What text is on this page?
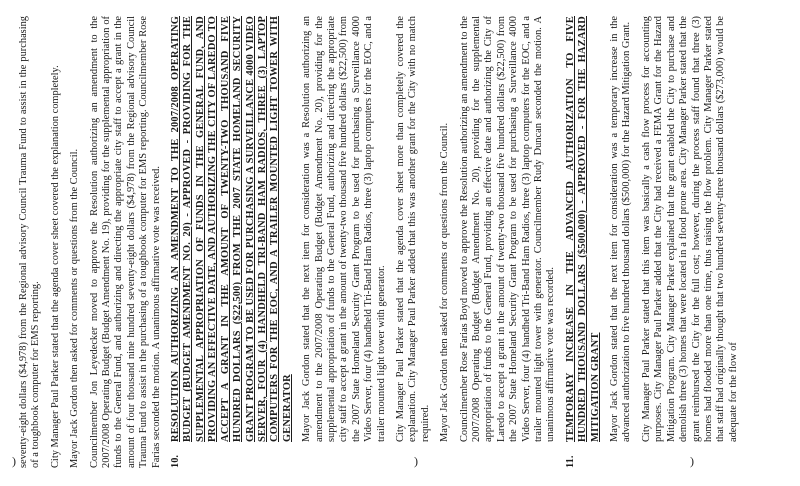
seventy-eight dollars ($4,978) from the Regional advisory Council Trauma Fund to assist in the purchasing of a toughbook computer for EMS reporting. City Manager Paul Parker stated that the agenda cover sheet covered the explanation completely. Mayor Jack Gordon then asked for comments or questions from the Council. Councilmember Jon Leyedecker moved to approve the Resolution authorizing an amendment to the 2007/2008 Operating Budget (Budget Amendment No. 19), providing for the supplemental appropriation of funds to the General Fund, and authorizing and directing the appropriate city staff to accept a grant in the amount of four thousand nine hundred seventy-eight dollars ($4,978) from the Regional advisory Council Trauma Fund to assist in the purchasing of a toughbook computer for EMS reporting. Councilmember Rose Farias seconded the motion. A unanimous affirmative vote was received. 10.

RESOLUTION AUTHORIZING AN AMENDMENT TO THE 2007/2008 OPERATING BUDGET (BUDGET AMENDMENT NO. 20) - APPROVED - PROVIDING FOR THE SUPPLEMENTAL APPROPRIATION OF FUNDS IN THE GENERAL FUND, AND PROVIDING AN EFFECTIVE DATE, AND AUTHORIZING THE CITY OF LAREDO TO ACCEPT A GRANT IN THE AMOUNT OF TWENTY-TWO THOUSAND FIVE HUNDRED DOLLARS ($22,500) FROM THE 2007 STATE HOMELAND SECURITY GRANT PROGRAM TO BE USED FOR PURCHASING A SURVEILLANCE 4000 VIDEO SERVER, FOUR (4) HANDHELD TRI-BAND HAM RADIOS, THREE (3) LAPTOP COMPUTERS FOR THE EOC, AND A TRAILER MOUNTED LIGHT TOWER WITH GENERATOR Mayor Jack Gordon stated that the next item for consideration was a Resolution authorizing an amendment to the 2007/2008 Operating Budget (Budget Amendment No. 20), providing for the supplemental appropriation of funds to the General Fund, authorizing and directing the appropriate city staff to accept a grant in the amount of twenty-two thousand five hundred dollars ($22,500) from the 2007 State Homeland Security Grant Program to be used for purchasing a Surveillance 4000 Video Server, four (4) handheld Tri-Band Ham Radios, three (3) laptop computers for the EOC, and a trailer mounted light tower with generator. City Manager Paul Parker stated that the agenda cover sheet more than completely covered the explanation. City Manager Paul Parker added that this was another grant for the City with no match required. Mayor Jack Gordon then asked for comments or questions from the Council. Councilmember Rose Farias Boyd moved to approve the Resolution authorizing an amendment to the 2007/2008 Operating Budget (Budget Amendment No. 20), providing for the supplemental appropriation of funds to the General Fund, providing an effective date and authorizing the City of Laredo to accept a grant in the amount of twenty-two thousand five hundred dollars ($22,500) from the 2007 State Homeland Security Grant Program to be used for purchasing a Surveillance 4000 Video Server, four (4) handheld Tri-Band Ham Radios, three (3) laptop computers for the EOC, and a trailer mounted light tower with generator. Councilmember Rudy Duncan seconded the motion. A unanimous affirmative vote was recorded.

11.

TEMPORARY INCREASE IN THE ADVANCED AUTHORIZATION TO FIVE HUNDRED THOUSAND DOLLARS ($500,000) - APPROVED - FOR THE HAZARD MITIGATION GRANT Mayor Jack Gordon stated that the next item for consideration was a temporary increase in the advanced authorization to five hundred thousand dollars ($500,000) for the Hazard Mitigation Grant. City Manager Paul Parker stated that this item was basically a cash flow process for accounting purposes. City Manager Paul Parker added that the City had received a FEMA Grant for the Hazard Mitigation Program. City Manager Parker explained that the grant enabled the City to purchase and demolish three (3) homes that were located in a flood prone area. City Manager Parker stated that the grant reimbursed the City for the full cost; however, during the process staff found that three (3) homes had flooded more than one time, thus raising the flow problem. City Manager Parker stated that staff had originally thought that two hundred seventy-three thousand dollars ($273,000) would be adequate for the flow of

)	)	)
